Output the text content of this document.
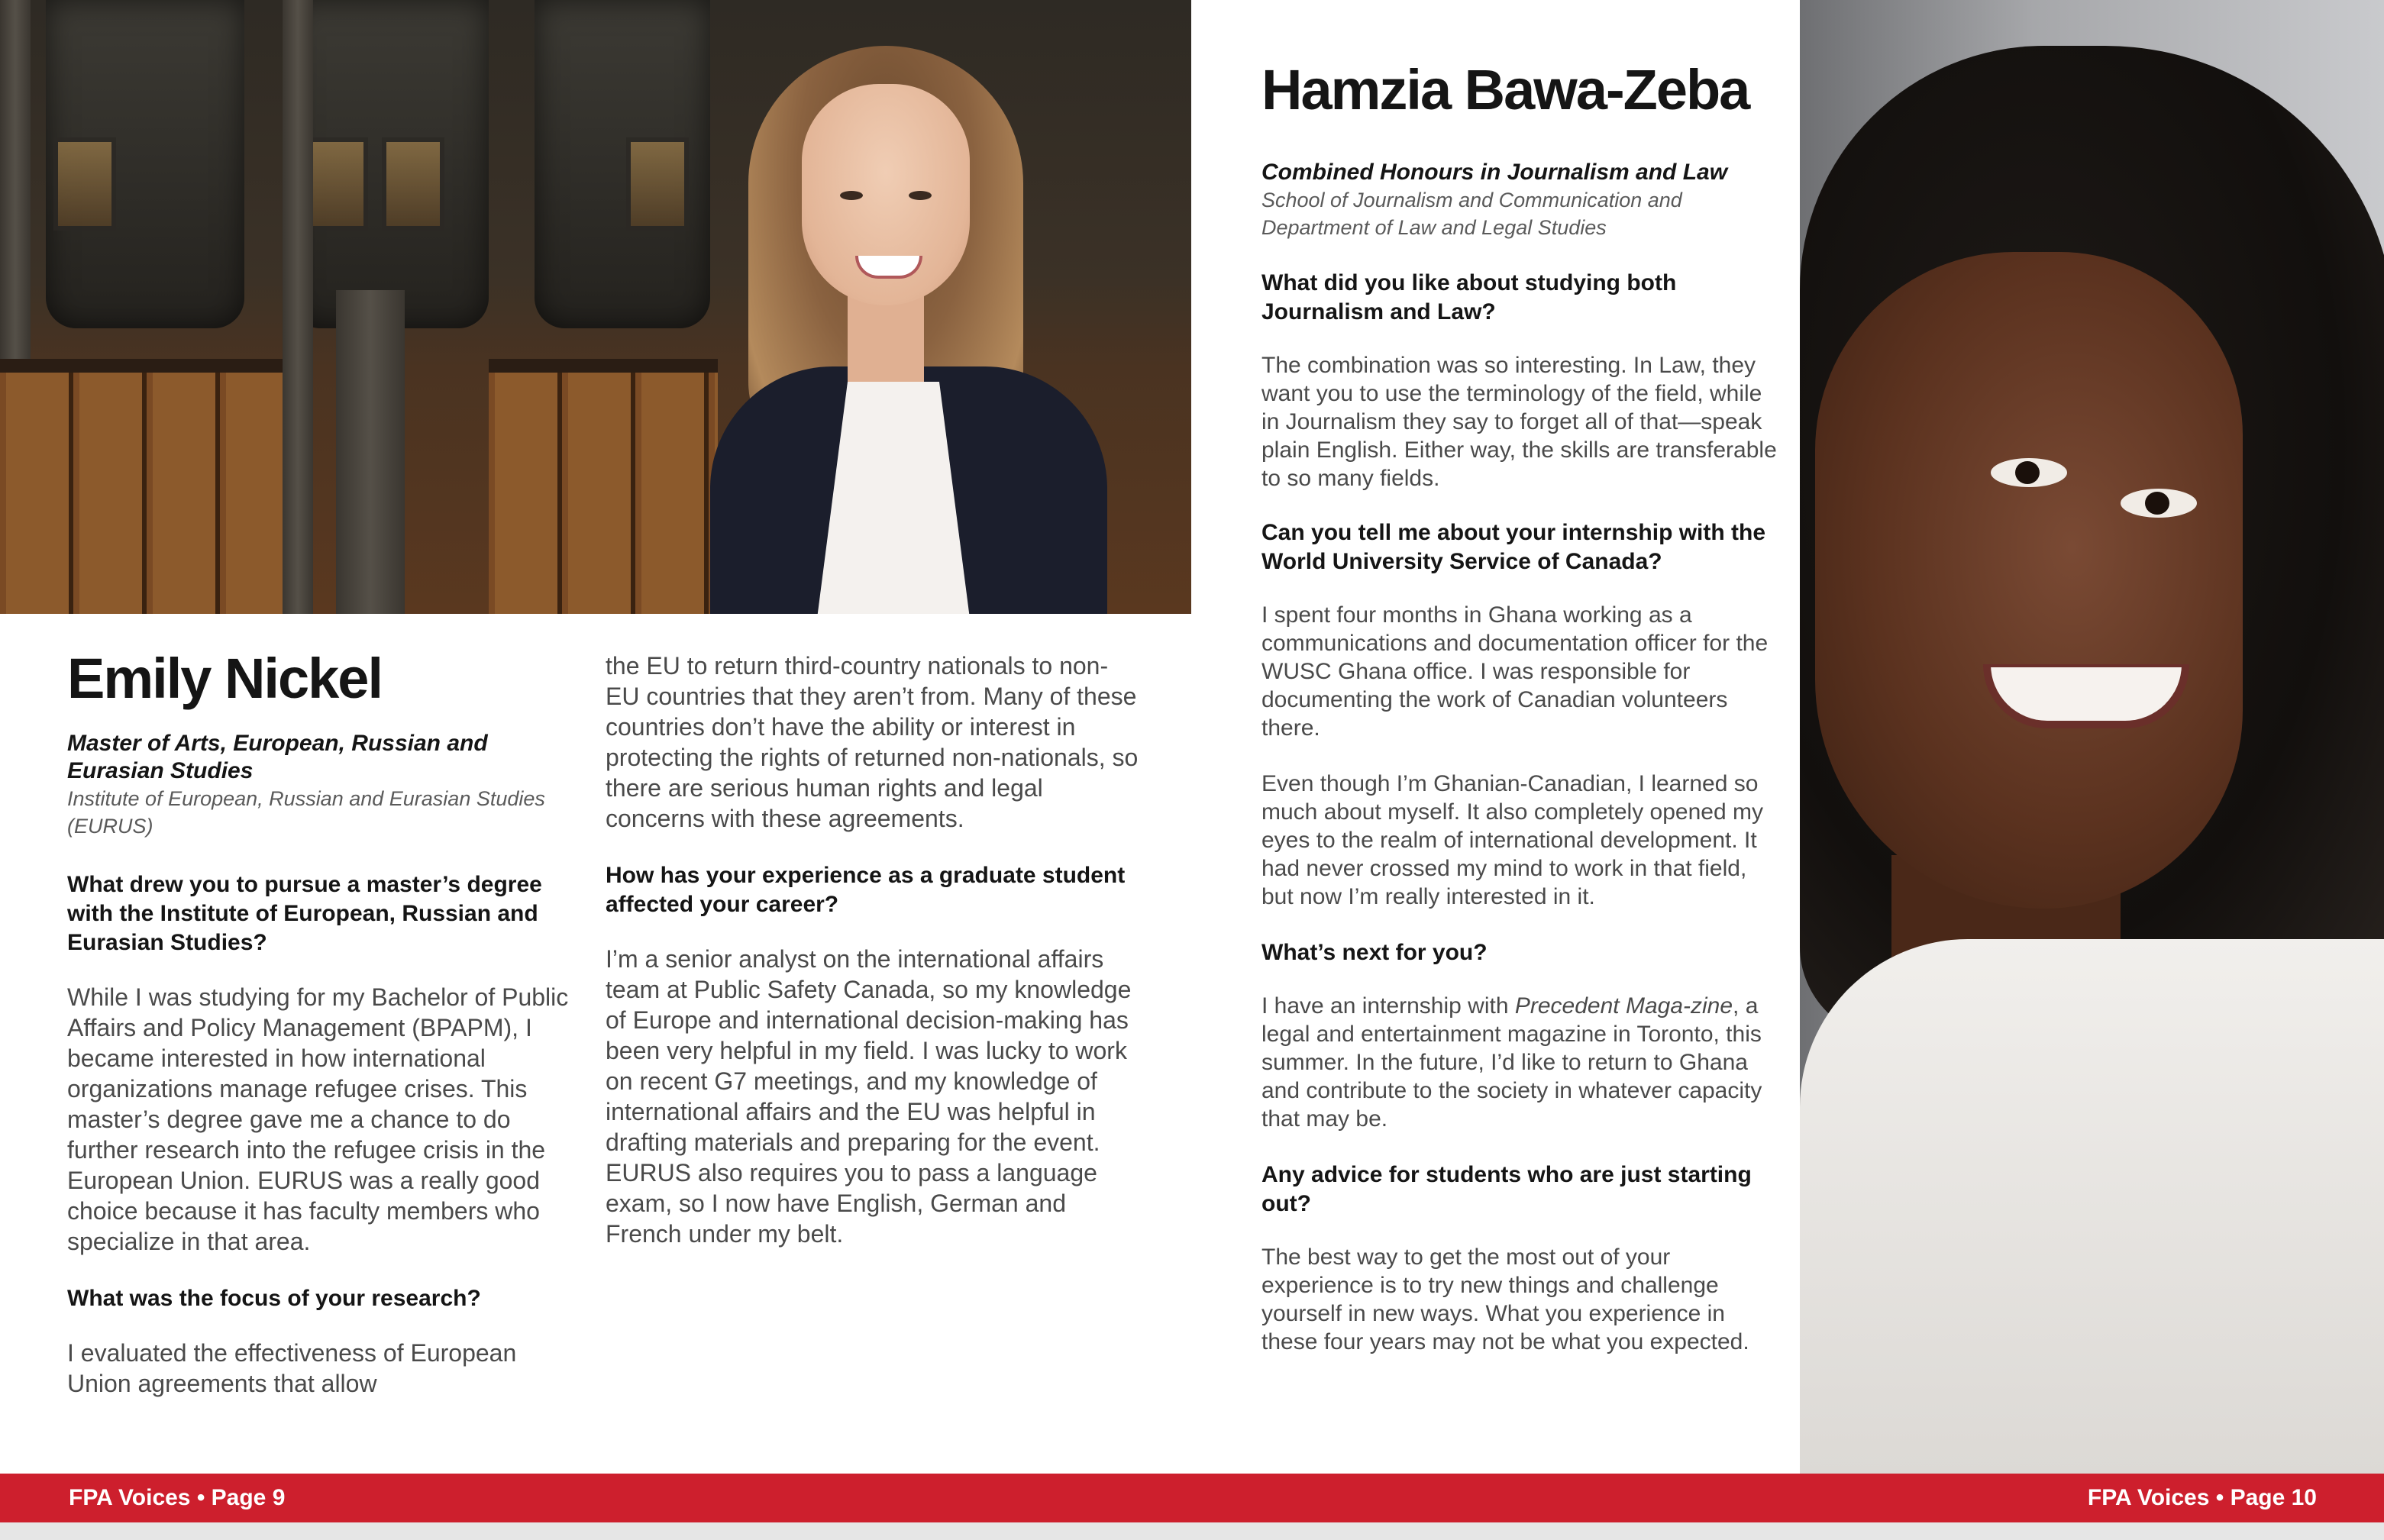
Emily Nickel

Master of Arts, European, Russian and Eurasian Studies

Institute of European, Russian and Eurasian Studies (EURUS)

What drew you to pursue a master’s degree with the Institute of European, Russian and Eurasian Studies?

While I was studying for my Bachelor of Public Affairs and Policy Management (BPAPM), I became interested in how international organizations manage refugee crises. This master’s degree gave me a chance to do further research into the refugee crisis in the European Union. EURUS was a really good choice because it has faculty members who specialize in that area.

What was the focus of your research?

I evaluated the effectiveness of European Union agreements that allow

the EU to return third-country nationals to non-EU countries that they aren’t from. Many of these countries don’t have the ability or interest in protecting the rights of returned non-nationals, so there are serious human rights and legal concerns with these agreements.

How has your experience as a graduate student affected your career?

I’m a senior analyst on the international affairs team at Public Safety Canada, so my knowledge of Europe and international decision-making has been very helpful in my field. I was lucky to work on recent G7 meetings, and my knowledge of international affairs and the EU was helpful in drafting materials and preparing for the event. EURUS also requires you to pass a language exam, so I now have English, German and French under my belt.

Hamzia Bawa-Zeba

Combined Honours in Journalism and Law

School of Journalism and Communication and Department of Law and Legal Studies

What did you like about studying both Journalism and Law?

The combination was so interesting. In Law, they want you to use the terminology of the field, while in Journalism they say to forget all of that—speak plain English. Either way, the skills are transferable to so many fields.

Can you tell me about your internship with the World University Service of Canada?

I spent four months in Ghana working as a communications and documentation officer for the WUSC Ghana office. I was responsible for documenting the work of Canadian volunteers there.

Even though I’m Ghanian-Canadian, I learned so much about myself. It also completely opened my eyes to the realm of international development. It had never crossed my mind to work in that field, but now I’m really interested in it.

What’s next for you?

I have an internship with Precedent Maga-zine, a legal and entertainment magazine in Toronto, this summer. In the future, I’d like to return to Ghana and contribute to the society in whatever capacity that may be.

Any advice for students who are just starting out?

The best way to get the most out of your experience is to try new things and challenge yourself in new ways. What you experience in these four years may not be what you expected.

FPA Voices • Page 9	FPA Voices • Page 10
